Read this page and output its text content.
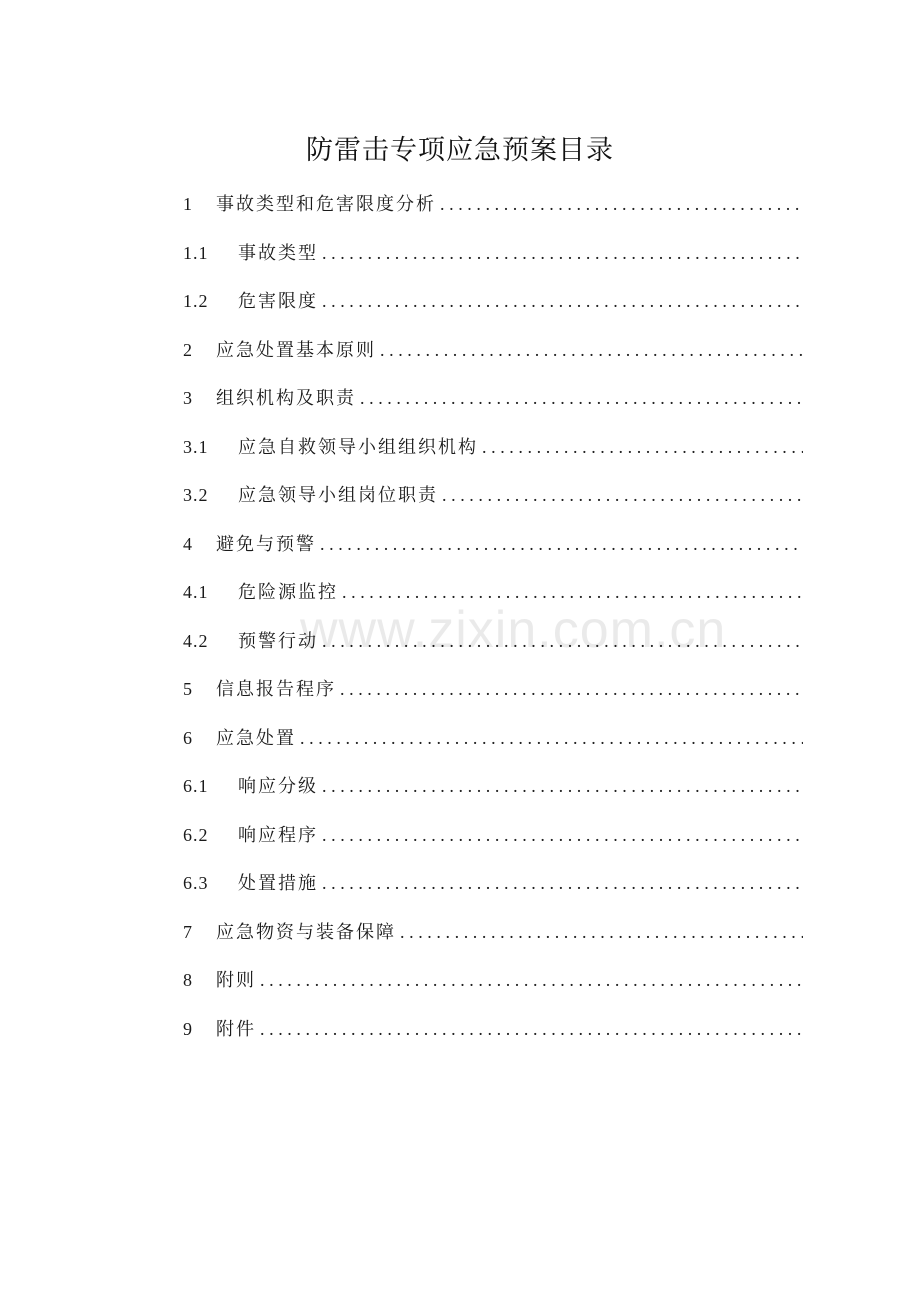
防雷击专项应急预案目录
1	事故类型和危害限度分析
.....
1.1	事故类型
.....
1.2	危害限度
.....
2	应急处置基本原则
.....
3	组织机构及职责
.....
3.1	应急自救领导小组组织机构
.....
3.2	应急领导小组岗位职责
.....
4	避免与预警
.....
4.1	危险源监控
.....
4.2	预警行动
.....
5	信息报告程序
.....
6	应急处置
.....
6.1	响应分级
.....
6.2	响应程序
.....
6.3	处置措施
.....
7	应急物资与装备保障
.....
8	附则
.....
9	附件
.....
www.zixin.com.cn
